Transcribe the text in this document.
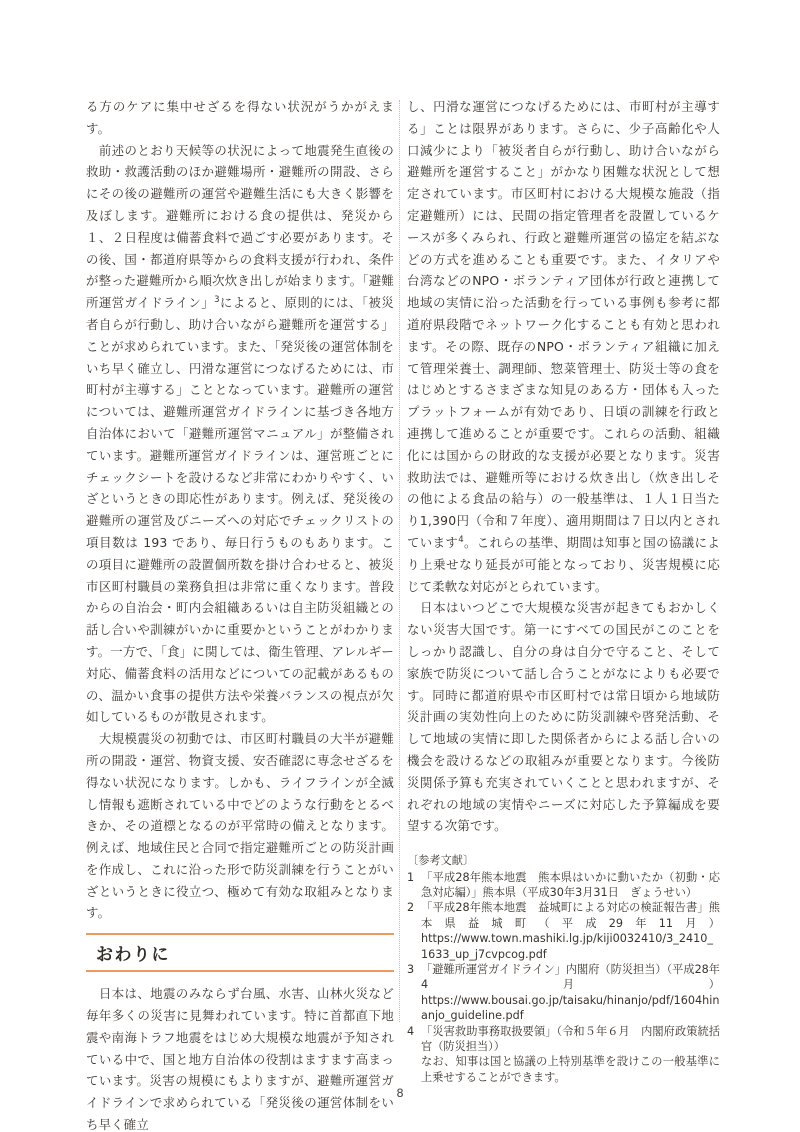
る方のケアに集中せざるを得ない状況がうかがえます。

　前述のとおり天候等の状況によって地震発生直後の救助・救護活動のほか避難場所・避難所の開設、さらにその後の避難所の運営や避難生活にも大きく影響を及ぼします。避難所における食の提供は、発災から１、２日程度は備蓄食料で過ごす必要があります。その後、国・都道府県等からの食料支援が行われ、条件が整った避難所から順次炊き出しが始まります。「避難所運営ガイドライン」$^3$によると、原則的には、「被災者自らが行動し、助け合いながら避難所を運営する」ことが求められています。また、「発災後の運営体制をいち早く確立し、円滑な運営につなげるためには、市町村が主導する」こととなっています。避難所の運営については、避難所運営ガイドラインに基づき各地方自治体において「避難所運営マニュアル」が整備されています。避難所運営ガイドラインは、運営班ごとにチェックシートを設けるなど非常にわかりやすく、いざというときの即応性があります。例えば、発災後の避難所の運営及びニーズへの対応でチェックリストの項目数は 193 であり、毎日行うものもあります。この項目に避難所の設置個所数を掛け合わせると、被災市区町村職員の業務負担は非常に重くなります。普段からの自治会・町内会組織あるいは自主防災組織との話し合いや訓練がいかに重要かということがわかります。一方で、「食」に関しては、衛生管理、アレルギー対応、備蓄食料の活用などについての記載があるものの、温かい食事の提供方法や栄養バランスの視点が欠如しているものが散見されます。

　大規模震災の初動では、市区町村職員の大半が避難所の開設・運営、物資支援、安否確認に専念せざるを得ない状況になります。しかも、ライフラインが全滅し情報も遮断されている中でどのような行動をとるべきか、その道標となるのが平常時の備えとなります。例えば、地域住民と合同で指定避難所ごとの防災計画を作成し、これに沿った形で防災訓練を行うことがいざというときに役立つ、極めて有効な取組みとなります。

おわりに

　日本は、地震のみならず台風、水害、山林火災など毎年多くの災害に見舞われています。特に首都直下地震や南海トラフ地震をはじめ大規模な地震が予知されている中で、国と地方自治体の役割はますます高まっています。災害の規模にもよりますが、避難所運営ガイドラインで求められている「発災後の運営体制をいち早く確立

し、円滑な運営につなげるためには、市町村が主導する」ことは限界があります。さらに、少子高齢化や人口減少により「被災者自らが行動し、助け合いながら避難所を運営すること」がかなり困難な状況として想定されています。市区町村における大規模な施設（指定避難所）には、民間の指定管理者を設置しているケースが多くみられ、行政と避難所運営の協定を結ぶなどの方式を進めることも重要です。また、イタリアや台湾などのNPO・ボランティア団体が行政と連携して地域の実情に沿った活動を行っている事例も参考に都道府県段階でネットワーク化することも有効と思われます。その際、既存のNPO・ボランティア組織に加えて管理栄養士、調理師、惣菜管理士、防災士等の食をはじめとするさまざまな知見のある方・団体も入ったプラットフォームが有効であり、日頃の訓練を行政と連携して進めることが重要です。これらの活動、組織化には国からの財政的な支援が必要となります。災害救助法では、避難所等における炊き出し（炊き出しその他による食品の給与）の一般基準は、１人１日当たり1,390円（令和７年度）、適用期間は７日以内とされています$^4$。これらの基準、期間は知事と国の協議により上乗せなり延長が可能となっており、災害規模に応じて柔軟な対応がとられています。

　日本はいつどこで大規模な災害が起きてもおかしくない災害大国です。第一にすべての国民がこのことをしっかり認識し、自分の身は自分で守ること、そして家族で防災について話し合うことがなによりも必要です。同時に都道府県や市区町村では常日頃から地域防災計画の実効性向上のために防災訓練や啓発活動、そして地域の実情に即した関係者からによる話し合いの機会を設けるなどの取組みが重要となります。今後防災関係予算も充実されていくことと思われますが、それぞれの地域の実情やニーズに対応した予算編成を要望する次第です。

〔参考文献〕

1 「平成28年熊本地震　熊本県はいかに動いたか（初動・応急対応編）」熊本県（平成30年3月31日　ぎょうせい）
2 「平成28年熊本地震　益城町による対応の検証報告書」熊本県益城町（平成29年11月）https://www.town.mashiki.lg.jp/kiji0032410/3_2410_1633_up_j7cvpcog.pdf
3 「避難所運営ガイドライン」内閣府（防災担当）（平成28年4月）https://www.bousai.go.jp/taisaku/hinanjo/pdf/1604hinanjo_guideline.pdf
4 「災害救助事務取扱要領」（令和５年６月　内閣府政策統括官（防災担当））
なお、知事は国と協議の上特別基準を設けこの一般基準に上乗せすることができます。
8
